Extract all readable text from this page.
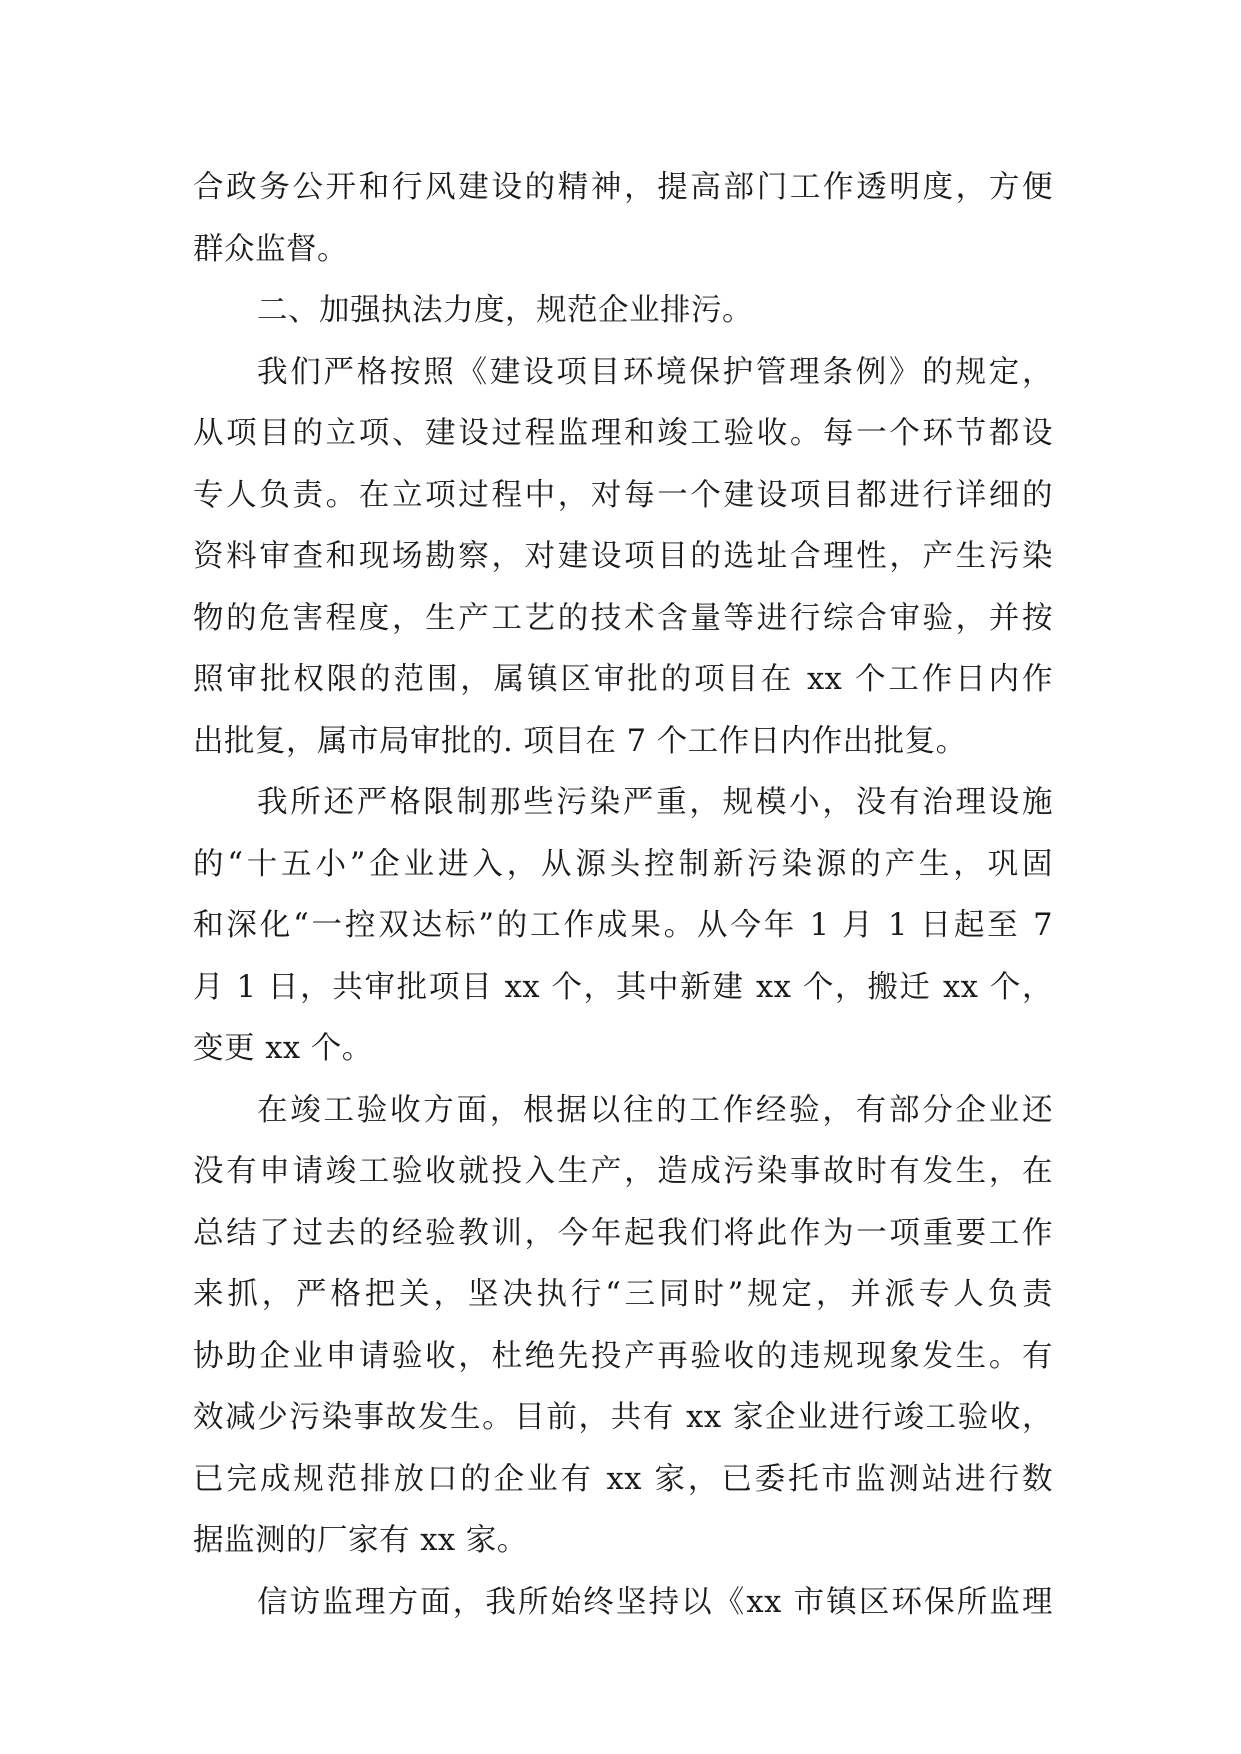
合政务公开和行风建设的精神，提高部门工作透明度，方便
群众监督。
二、加强执法力度，规范企业排污。
我们严格按照《建设项目环境保护管理条例》的规定，
从项目的立项、建设过程监理和竣工验收。每一个环节都设
专人负责。在立项过程中，对每一个建设项目都进行详细的
资料审查和现场勘察，对建设项目的选址合理性，产生污染
物的危害程度，生产工艺的技术含量等进行综合审验，并按
照审批权限的范围，属镇区审批的项目在 xx 个工作日内作
出批复，属市局审批的. 项目在 7 个工作日内作出批复。
我所还严格限制那些污染严重，规模小，没有治理设施
的“十五小”企业进入，从源头控制新污染源的产生，巩固
和深化“一控双达标”的工作成果。从今年 1 月 1 日起至 7
月 1 日，共审批项目 xx 个，其中新建 xx 个，搬迁 xx 个，
变更 xx 个。
在竣工验收方面，根据以往的工作经验，有部分企业还
没有申请竣工验收就投入生产，造成污染事故时有发生，在
总结了过去的经验教训，今年起我们将此作为一项重要工作
来抓，严格把关，坚决执行“三同时”规定，并派专人负责
协助企业申请验收，杜绝先投产再验收的违规现象发生。有
效减少污染事故发生。目前，共有 xx 家企业进行竣工验收，
已完成规范排放口的企业有 xx 家，已委托市监测站进行数
据监测的厂家有 xx 家。
信访监理方面，我所始终坚持以《xx 市镇区环保所监理
